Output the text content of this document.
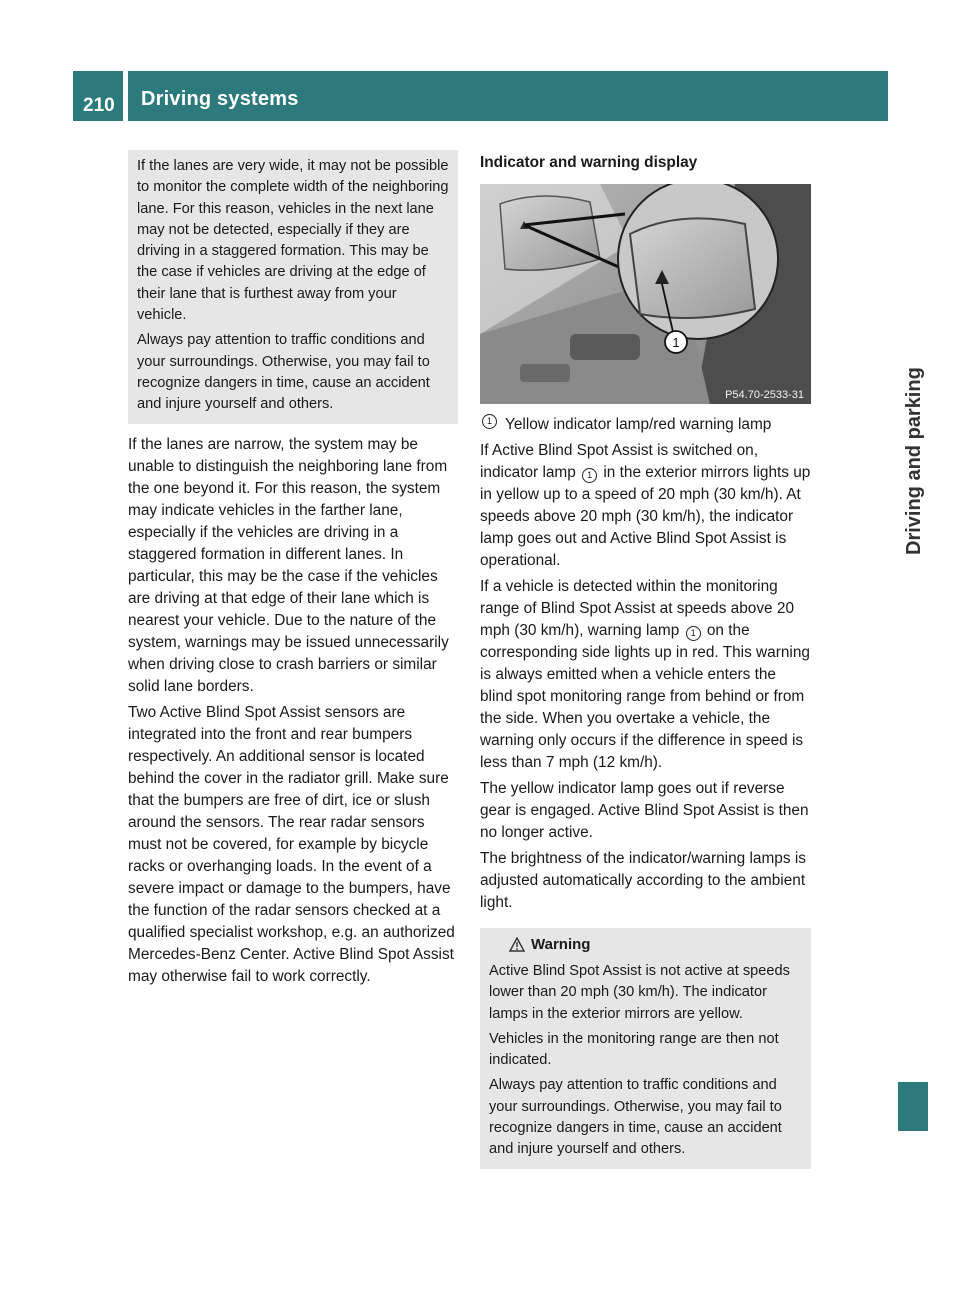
210 Driving systems
Driving and parking

If the lanes are very wide, it may not be possible to monitor the complete width of the neighboring lane. For this reason, vehicles in the next lane may not be detected, especially if they are driving in a staggered formation. This may be the case if vehicles are driving at the edge of their lane that is furthest away from your vehicle.

Always pay attention to traffic conditions and your surroundings. Otherwise, you may fail to recognize dangers in time, cause an accident and injure yourself and others.

If the lanes are narrow, the system may be unable to distinguish the neighboring lane from the one beyond it. For this reason, the system may indicate vehicles in the farther lane, especially if the vehicles are driving in a staggered formation in different lanes. In particular, this may be the case if the vehicles are driving at that edge of their lane which is nearest your vehicle. Due to the nature of the system, warnings may be issued unnecessarily when driving close to crash barriers or similar solid lane borders.

Two Active Blind Spot Assist sensors are integrated into the front and rear bumpers respectively. An additional sensor is located behind the cover in the radiator grill. Make sure that the bumpers are free of dirt, ice or slush around the sensors. The rear radar sensors must not be covered, for example by bicycle racks or overhanging loads. In the event of a severe impact or damage to the bumpers, have the function of the radar sensors checked at a qualified specialist workshop, e.g. an authorized Mercedes-Benz Center. Active Blind Spot Assist may otherwise fail to work correctly.

Indicator and warning display
1
P54.70-2533-31

1 Yellow indicator lamp/red warning lamp

If Active Blind Spot Assist is switched on, indicator lamp 1 in the exterior mirrors lights up in yellow up to a speed of 20 mph (30 km/h). At speeds above 20 mph (30 km/h), the indicator lamp goes out and Active Blind Spot Assist is operational.

If a vehicle is detected within the monitoring range of Blind Spot Assist at speeds above 20 mph (30 km/h), warning lamp 1 on the corresponding side lights up in red. This warning is always emitted when a vehicle enters the blind spot monitoring range from behind or from the side. When you overtake a vehicle, the warning only occurs if the difference in speed is less than 7 mph (12 km/h).

The yellow indicator lamp goes out if reverse gear is engaged. Active Blind Spot Assist is then no longer active.

The brightness of the indicator/warning lamps is adjusted automatically according to the ambient light.

Warning

Active Blind Spot Assist is not active at speeds lower than 20 mph (30 km/h). The indicator lamps in the exterior mirrors are yellow.

Vehicles in the monitoring range are then not indicated.

Always pay attention to traffic conditions and your surroundings. Otherwise, you may fail to recognize dangers in time, cause an accident and injure yourself and others.
